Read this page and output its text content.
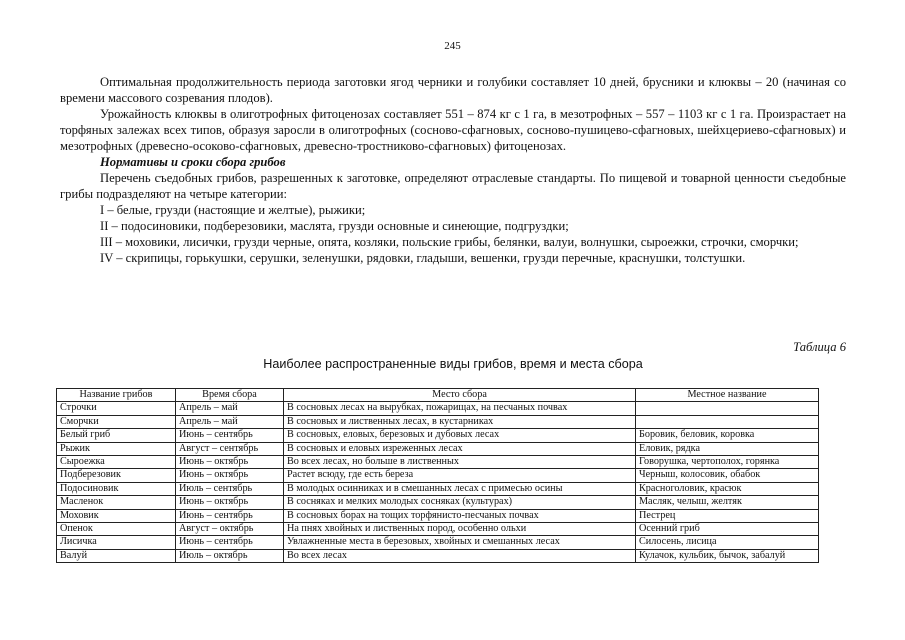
245

Оптимальная продолжительность периода заготовки ягод черники и голубики составляет 10 дней, брусники и клюквы – 20 (начиная со времени массового созревания плодов).

Урожайность клюквы в олиготрофных фитоценозах составляет 551 – 874 кг с 1 га, в мезотрофных – 557 – 1103 кг с 1 га. Произрастает на торфяных залежах всех типов, образуя заросли в олиготрофных (сосново-сфагновых, сосново-пушицево-сфагновых, шейхцериево-сфагновых) и мезотрофных (древесно-осоково-сфагновых, древесно-тростниково-сфагновых) фитоценозах.

Нормативы и сроки сбора грибов

Перечень съедобных грибов, разрешенных к заготовке, определяют отраслевые стандарты. По пищевой и товарной ценности съедобные грибы подразделяют на четыре категории:

I – белые, грузди (настоящие и желтые), рыжики;

II – подосиновики, подберезовики, маслята, грузди основные и синеющие, подгруздки;

III – моховики, лисички, грузди черные, опята, козляки, польские грибы, белянки, валуи, волнушки, сыроежки, строчки, сморчки;

IV – скрипицы, горькушки, серушки, зеленушки, рядовки, гладыши, вешенки, грузди перечные, краснушки, толстушки.

Таблица 6
Наиболее распространенные виды грибов, время и места сбора
Название грибов	Время сбора	Место сбора	Местное название
Строчки	Апрель – май	В сосновых лесах на вырубках, пожарищах, на песчаных почвах	
Сморчки	Апрель – май	В сосновых и лиственных лесах, в кустарниках	
Белый гриб	Июнь – сентябрь	В сосновых, еловых, березовых и дубовых лесах	Боровик, беловик, коровка
Рыжик	Август – сентябрь	В сосновых и еловых изреженных лесах	Еловик, рядка
Сыроежка	Июнь – октябрь	Во всех лесах, но больше в лиственных	Говорушка, чертополох, горянка
Подберезовик	Июнь – октябрь	Растет всюду, где есть береза	Черныш, колосовик, обабок
Подосиновик	Июль – сентябрь	В молодых осинниках и в смешанных лесах с примесью осины	Красноголовик, красюк
Масленок	Июнь – октябрь	В сосняках и мелких молодых сосняках (культурах)	Масляк, челыш, желтяк
Моховик	Июнь – сентябрь	В сосновых борах на тощих торфянисто-песчаных почвах	Пестрец
Опенок	Август – октябрь	На пнях хвойных и лиственных пород, особенно ольхи	Осенний гриб
Лисичка	Июнь – сентябрь	Увлажненные места в березовых, хвойных и смешанных лесах	Силосень, лисица
Валуй	Июль – октябрь	Во всех лесах	Кулачок, кульбик, бычок, забалуй
